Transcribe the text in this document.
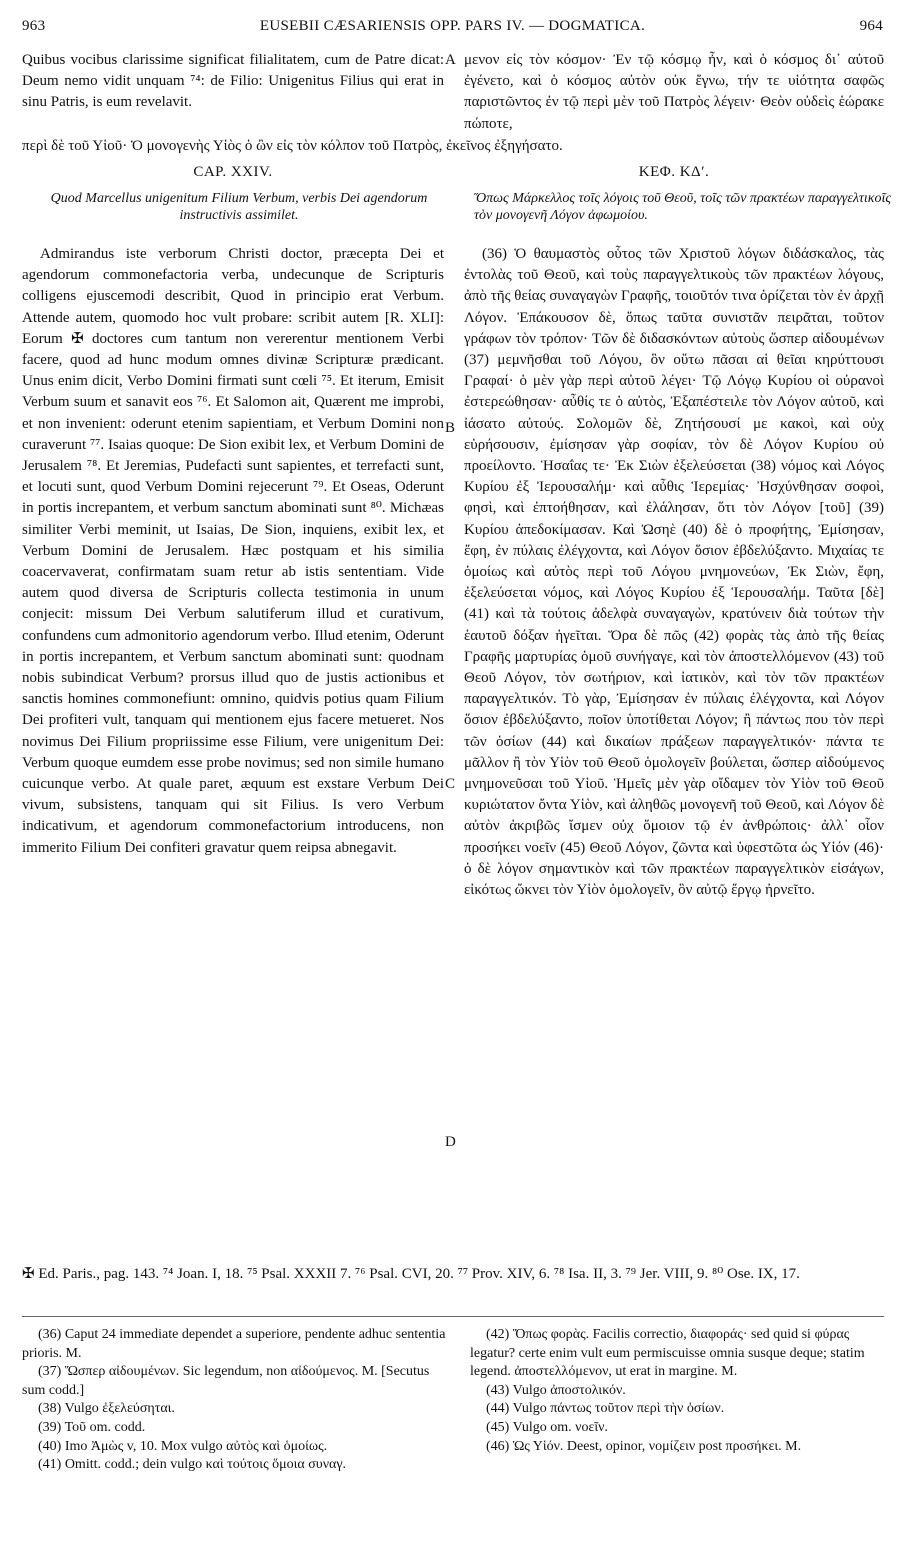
963	EUSEBII CÆSARIENSIS OPP. PARS IV. — DOGMATICA.	964
Quibus vocibus clarissime significat filialitatem, cum de Patre dicat: Deum nemo vidit unquam ⁷⁴: de Filio: Unigenitus Filius qui erat in sinu Patris, is eum revelavit.
μενον εἰς τὸν κόσμον· Ἐν τῷ κόσμῳ ἦν, καὶ ὁ κόσμος δι᾽ αὐτοῦ ἐγένετο, καὶ ὁ κόσμος αὐτὸν οὐκ ἔγνω, τήν τε υἱότητα σαφῶς παριστῶντος ἐν τῷ περὶ μὲν τοῦ Πατρὸς λέγειν· Θεὸν οὐδεὶς ἑώρακε πώποτε,
A
περὶ δὲ τοῦ Υἱοῦ· Ὁ μονογενὴς Υἱὸς ὁ ὢν εἰς τὸν κόλπον τοῦ Πατρὸς, ἐκεῖνος ἐξηγήσατο.
CAP. XXIV.	ΚΕΦ. ΚΔʹ.
Quod Marcellus unigenitum Filium Verbum, verbis Dei agendorum instructivis assimilet.
Ὅπως Μάρκελλος τοῖς λόγοις τοῦ Θεοῦ, τοῖς τῶν πρακτέων παραγγελτικοῖς τὸν μονογενῆ Λόγον ἀφωμοίου.

Admirandus iste verborum Christi doctor, præcepta Dei et agendorum commonefactoria verba, undecunque de Scripturis colligens ejuscemodi describit, Quod in principio erat Verbum. Attende autem, quomodo hoc vult probare: scribit autem [R. XLI]: Eorum ✠ doctores cum tantum non vererentur mentionem Verbi facere, quod ad hunc modum omnes divinæ Scripturæ prædicant. Unus enim dicit, Verbo Domini firmati sunt cœli ⁷⁵. Et iterum, Emisit Verbum suum et sanavit eos ⁷⁶. Et Salomon ait, Quærent me improbi, et non invenient: oderunt etenim sapientiam, et Verbum Domini non curaverunt ⁷⁷. Isaias quoque: De Sion exibit lex, et Verbum Domini de Jerusalem ⁷⁸. Et Jeremias, Pudefacti sunt sapientes, et terrefacti sunt, et locuti sunt, quod Verbum Domini rejecerunt ⁷⁹. Et Oseas, Oderunt in portis increpantem, et verbum sanctum abominati sunt ⁸⁰. Michæas similiter Verbi meminit, ut Isaias, De Sion, inquiens, exibit lex, et Verbum Domini de Jerusalem. Hæc postquam et his similia coacervaverat, confirmatam suam retur ab istis sententiam. Vide autem quod diversa de Scripturis collecta testimonia in unum conjecit: missum Dei Verbum salutiferum illud et curativum, confundens cum admonitorio agendorum verbo. Illud etenim, Oderunt in portis increpantem, et Verbum sanctum abominati sunt: quodnam nobis subindicat Verbum? prorsus illud quo de justis actionibus et sanctis homines commonefiunt: omnino, quidvis potius quam Filium Dei profiteri vult, tanquam qui mentionem ejus facere metueret. Nos novimus Dei Filium propriissime esse Filium, vere unigenitum Dei: Verbum quoque eumdem esse probe novimus; sed non simile humano cuicunque verbo. At quale paret, æquum est exstare Verbum Dei vivum, subsistens, tanquam qui sit Filius. Is vero Verbum indicativum, et agendorum commonefactorium introducens, non immerito Filium Dei confiteri gravatur quem reipsa abnegavit.

(36) Ὁ θαυμαστὸς οὗτος τῶν Χριστοῦ λόγων διδάσκαλος, τὰς ἐντολὰς τοῦ Θεοῦ, καὶ τοὺς παραγγελτικοὺς τῶν πρακτέων λόγους, ἀπὸ τῆς θείας συναγαγὼν Γραφῆς, τοιοῦτόν τινα ὁρίζεται τὸν ἐν ἀρχῇ Λόγον. Ἐπάκουσον δὲ, ὅπως ταῦτα συνιστᾶν πειρᾶται, τοῦτον γράφων τὸν τρόπον· Τῶν δὲ διδασκόντων αὐτοὺς ὥσπερ αἰδουμένων (37) μεμνῆσθαι τοῦ Λόγου, ὃν οὕτω πᾶσαι αἱ θεῖαι κηρύττουσι Γραφαί· ὁ μὲν γὰρ περὶ αὐτοῦ λέγει· Τῷ Λόγῳ Κυρίου οἱ οὐρανοὶ ἐστερεώθησαν· αὖθίς τε ὁ αὐτὸς, Ἐξαπέστειλε τὸν Λόγον αὐτοῦ, καὶ ἰάσατο αὐτούς. Σολομῶν δὲ, Ζητήσουσί με κακοὶ, καὶ οὐχ εὑρήσουσιν, ἐμίσησαν γὰρ σοφίαν, τὸν δὲ Λόγον Κυρίου οὐ προείλοντο. Ἡσαΐας τε· Ἐκ Σιὼν ἐξελεύσεται (38) νόμος καὶ Λόγος Κυρίου ἐξ Ἰερουσαλήμ· καὶ αὖθις Ἱερεμίας· Ἠσχύνθησαν σοφοὶ, φησὶ, καὶ ἐπτοήθησαν, καὶ ἐλάλησαν, ὅτι τὸν Λόγον [τοῦ] (39) Κυρίου ἀπεδοκίμασαν. Καὶ Ὠσηὲ (40) δὲ ὁ προφήτης, Ἐμίσησαν, ἔφη, ἐν πύλαις ἐλέγχοντα, καὶ Λόγον ὅσιον ἐβδελύξαντο. Μιχαίας τε ὁμοίως καὶ αὐτὸς περὶ τοῦ Λόγου μνημονεύων, Ἐκ Σιὼν, ἔφη, ἐξελεύσεται νόμος, καὶ Λόγος Κυρίου ἐξ Ἱερουσαλήμ. Ταῦτα [δὲ] (41) καὶ τὰ τούτοις ἀδελφὰ συναγαγὼν, κρατύνειν διὰ τούτων τὴν ἑαυτοῦ δόξαν ἡγεῖται. Ὅρα δὲ πῶς (42) φορὰς τὰς ἀπὸ τῆς θείας Γραφῆς μαρτυρίας ὁμοῦ συνήγαγε, καὶ τὸν ἀποστελλόμενον (43) τοῦ Θεοῦ Λόγον, τὸν σωτήριον, καὶ ἰατικὸν, καὶ τὸν τῶν πρακτέων παραγγελτικόν. Τὸ γὰρ, Ἐμίσησαν ἐν πύλαις ἐλέγχοντα, καὶ Λόγον ὅσιον ἐβδελύξαντο, ποῖον ὑποτίθεται Λόγον; ἢ πάντως που τὸν περὶ τῶν ὁσίων (44) καὶ δικαίων πράξεων παραγγελτικόν· πάντα τε μᾶλλον ἢ τὸν Υἱὸν τοῦ Θεοῦ ὁμολογεῖν βούλεται, ὥσπερ αἰδούμενος μνημονεῦσαι τοῦ Υἱοῦ. Ἡμεῖς μὲν γὰρ οἴδαμεν τὸν Υἱὸν τοῦ Θεοῦ κυριώτατον ὄντα Υἱὸν, καὶ ἀληθῶς μονογενῆ τοῦ Θεοῦ, καὶ Λόγον δὲ αὐτὸν ἀκριβῶς ἴσμεν οὐχ ὅμοιον τῷ ἐν ἀνθρώποις· ἀλλ᾽ οἷον προσήκει νοεῖν (45) Θεοῦ Λόγον, ζῶντα καὶ ὑφεστῶτα ὡς Υἱόν (46)· ὁ δὲ λόγον σημαντικὸν καὶ τῶν πρακτέων παραγγελτικὸν εἰσάγων, εἰκότως ὤκνει τὸν Υἱὸν ὁμολογεῖν, ὃν αὐτῷ ἔργῳ ἠρνεῖτο.

B
C
D
✠ Ed. Paris., pag. 143. ⁷⁴ Joan. I, 18. ⁷⁵ Psal. XXXII 7. ⁷⁶ Psal. CVI, 20. ⁷⁷ Prov. XIV, 6. ⁷⁸ Isa. II, 3. ⁷⁹ Jer. VIII, 9. ⁸⁰ Ose. IX, 17.

(36) Caput 24 immediate dependet a superiore, pendente adhuc sententia prioris. M.

(37) Ὥσπερ αἰδουμένων. Sic legendum, non αἰδούμενος. M. [Secutus sum codd.]

(38) Vulgo ἐξελεύσηται.

(39) Τοῦ om. codd.

(40) Imo Ἀμὼς v, 10. Mox vulgo αὐτὸς καὶ ὁμοίως.

(41) Omitt. codd.; dein vulgo καὶ τούτοις ὅμοια συναγ.

(42) Ὅπως φορὰς. Facilis correctio, διαφοράς· sed quid si φύρας legatur? certe enim vult eum permiscuisse omnia susque deque; statim legend. ἀποστελλόμενον, ut erat in margine. M.

(43) Vulgo ἀποστολικόν.

(44) Vulgo πάντως τοῦτον περὶ τὴν ὁσίων.

(45) Vulgo om. νοεῖν.

(46) Ὡς Υἱόν. Deest, opinor, νομίζειν post προσήκει. M.
